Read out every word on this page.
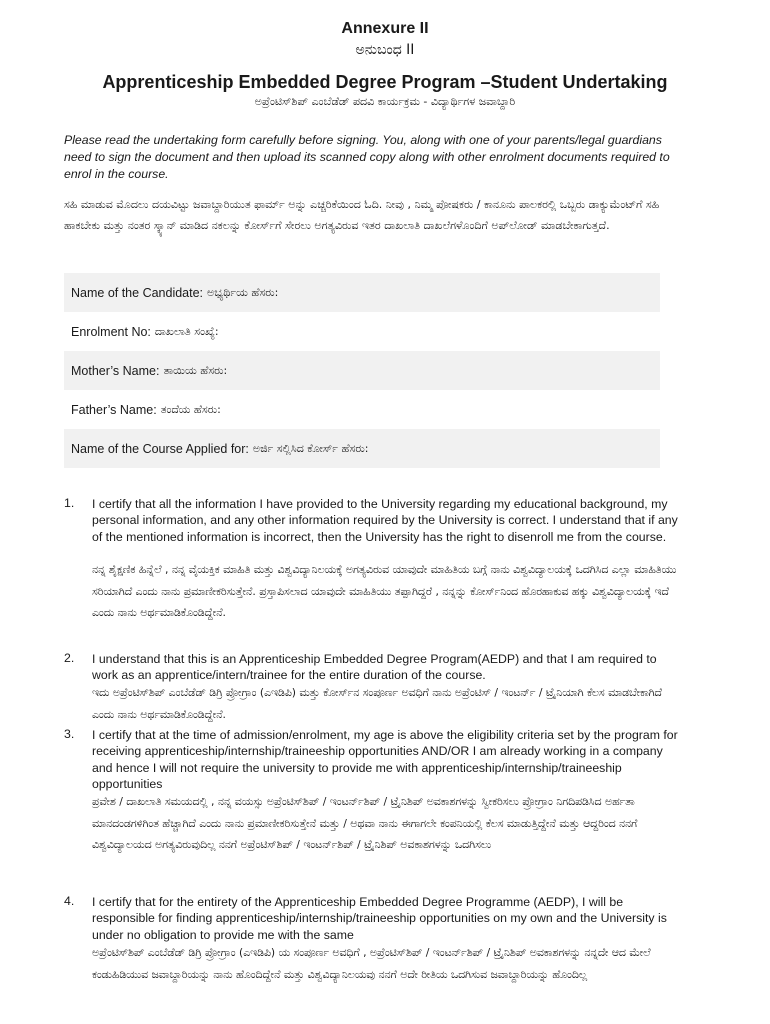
Annexure II
ಅನುಬಂಧ II
Apprenticeship Embedded Degree Program –Student Undertaking
ಅಪ್ರೆಂಟಿಸ್‌ಶಿಪ್ ಎಂಬೆಡೆಡ್ ಪದವಿ ಕಾರ್ಯಕ್ರಮ - ವಿದ್ಯಾರ್ಥಿಗಳ ಜವಾಬ್ದಾರಿ
Please read the undertaking form carefully before signing. You, along with one of your parents/legal guardians need to sign the document and then upload its scanned copy along with other enrolment documents required to enrol in the course.
ಸಹಿ ಮಾಡುವ ಮೊದಲು ದಯವಿಟ್ಟು ಜವಾಬ್ದಾರಿಯುತ ಫಾರ್ಮ್ ಅನ್ನು ಎಚ್ಚರಿಕೆಯಿಂದ ಓದಿ. ನೀವು , ನಿಮ್ಮ ಪೋಷಕರು / ಕಾನೂನು ಪಾಲಕರಲ್ಲಿ ಒಬ್ಬರು ಡಾಕ್ಯುಮೆಂಟ್‌ಗೆ ಸಹಿ ಹಾಕಬೇಕು ಮತ್ತು ನಂತರ ಸ್ಕ್ಯಾನ್ ಮಾಡಿದ ನಕಲನ್ನು ಕೋರ್ಸ್‌ಗೆ ಸೇರಲು ಅಗತ್ಯವಿರುವ ಇತರ ದಾಖಲಾತಿ ದಾಖಲೆಗಳೊಂದಿಗೆ ಅಪ್‌ಲೋಡ್ ಮಾಡಬೇಕಾಗುತ್ತದೆ.
Name of the Candidate: ಅಭ್ಯರ್ಥಿಯ ಹೆಸರು:
Enrolment No: ದಾಖಲಾತಿ ಸಂಖ್ಯೆ:
Mother’s Name: ತಾಯಿಯ ಹೆಸರು:
Father’s Name: ತಂದೆಯ ಹೆಸರು:
Name of the Course Applied for: ಅರ್ಜಿ ಸಲ್ಲಿಸಿದ ಕೋರ್ಸ್ ಹೆಸರು:
1. I certify that all the information I have provided to the University regarding my educational background, my personal information, and any other information required by the University is correct. I understand that if any of the mentioned information is incorrect, then the University has the right to disenroll me from the course.
ನನ್ನ ಶೈಕ್ಷಣಿಕ ಹಿನ್ನೆಲೆ , ನನ್ನ ವೈಯಕ್ತಿಕ ಮಾಹಿತಿ ಮತ್ತು ವಿಶ್ವವಿದ್ಯಾನಿಲಯಕ್ಕೆ ಅಗತ್ಯವಿರುವ ಯಾವುದೇ ಮಾಹಿತಿಯ ಬಗ್ಗೆ ನಾನು ವಿಶ್ವವಿದ್ಯಾಲಯಕ್ಕೆ ಒದಗಿಸಿದ ಎಲ್ಲಾ ಮಾಹಿತಿಯು ಸರಿಯಾಗಿದೆ ಎಂದು ನಾನು ಪ್ರಮಾಣೀಕರಿಸುತ್ತೇನೆ. ಪ್ರಸ್ತಾಪಿಸಲಾದ ಯಾವುದೇ ಮಾಹಿತಿಯು ತಪ್ಪಾಗಿದ್ದರೆ , ನನ್ನನ್ನು ಕೋರ್ಸ್‌ನಿಂದ ಹೊರಹಾಕುವ ಹಕ್ಕು ವಿಶ್ವವಿದ್ಯಾಲಯಕ್ಕೆ ಇದೆ ಎಂದು ನಾನು ಅರ್ಥಮಾಡಿಕೊಂಡಿದ್ದೇನೆ.
2. I understand that this is an Apprenticeship Embedded Degree Program(AEDP) and that I am required to work as an apprentice/intern/trainee for the entire duration of the course.
ಇದು ಅಪ್ರೆಂಟಿಸ್‌ಶಿಪ್ ಎಂಬೆಡೆಡ್ ಡಿಗ್ರಿ ಪ್ರೋಗ್ರಾಂ (ಎಇಡಿಪಿ) ಮತ್ತು ಕೋರ್ಸ್‌ನ ಸಂಪೂರ್ಣ ಅವಧಿಗೆ ನಾನು ಅಪ್ರೆಂಟಿಸ್ / ಇಂಟರ್ನ್ / ಟ್ರೈನಿಯಾಗಿ ಕೆಲಸ ಮಾಡಬೇಕಾಗಿದೆ ಎಂದು ನಾನು ಅರ್ಥಮಾಡಿಕೊಂಡಿದ್ದೇನೆ.
3. I certify that at the time of admission/enrolment, my age is above the eligibility criteria set by the program for receiving apprenticeship/internship/traineeship opportunities AND/OR I am already working in a company and hence I will not require the university to provide me with apprenticeship/internship/traineeship opportunities
ಪ್ರವೇಶ / ದಾಖಲಾತಿ ಸಮಯದಲ್ಲಿ , ನನ್ನ ವಯಸ್ಸು ಅಪ್ರೆಂಟಿಸ್‌ಶಿಪ್ / ಇಂಟರ್ನ್‌ಶಿಪ್ / ಟ್ರೈನಿಶಿಪ್ ಅವಕಾಶಗಳನ್ನು ಸ್ವೀಕರಿಸಲು ಪ್ರೋಗ್ರಾಂ ನಿಗದಿಪಡಿಸಿದ ಅರ್ಹತಾ ಮಾನದಂಡಗಳಿಗಿಂತ ಹೆಚ್ಚಾಗಿದೆ ಎಂದು ನಾನು ಪ್ರಮಾಣೀಕರಿಸುತ್ತೇನೆ ಮತ್ತು / ಅಥವಾ ನಾನು ಈಗಾಗಲೇ ಕಂಪನಿಯಲ್ಲಿ ಕೆಲಸ ಮಾಡುತ್ತಿದ್ದೇನೆ ಮತ್ತು ಆದ್ದರಿಂದ ನನಗೆ ವಿಶ್ವವಿದ್ಯಾಲಯದ ಅಗತ್ಯವಿರುವುದಿಲ್ಲ ನನಗೆ ಅಪ್ರೆಂಟಿಸ್‌ಶಿಪ್ / ಇಂಟರ್ನ್‌ಶಿಪ್ / ಟ್ರೈನಿಶಿಪ್ ಅವಕಾಶಗಳನ್ನು ಒದಗಿಸಲು
4. I certify that for the entirety of the Apprenticeship Embedded Degree Programme (AEDP), I will be responsible for finding apprenticeship/internship/traineeship opportunities on my own and the University is under no obligation to provide me with the same
ಅಪ್ರೆಂಟಿಸ್‌ಶಿಪ್ ಎಂಬೆಡೆಡ್ ಡಿಗ್ರಿ ಪ್ರೋಗ್ರಾಂ (ಎಇಡಿಪಿ) ಯ ಸಂಪೂರ್ಣ ಅವಧಿಗೆ , ಅಪ್ರೆಂಟಿಸ್‌ಶಿಪ್ / ಇಂಟರ್ನ್‌ಶಿಪ್ / ಟ್ರೈನಿಶಿಪ್ ಅವಕಾಶಗಳನ್ನು ನನ್ನದೇ ಆದ ಮೇಲೆ ಕಂಡುಹಿಡಿಯುವ ಜವಾಬ್ದಾರಿಯನ್ನು ನಾನು ಹೊಂದಿದ್ದೇನೆ ಮತ್ತು ವಿಶ್ವವಿದ್ಯಾನಿಲಯವು ನನಗೆ ಅದೇ ರೀತಿಯ ಒದಗಿಸುವ ಜವಾಬ್ದಾರಿಯನ್ನು ಹೊಂದಿಲ್ಲ
